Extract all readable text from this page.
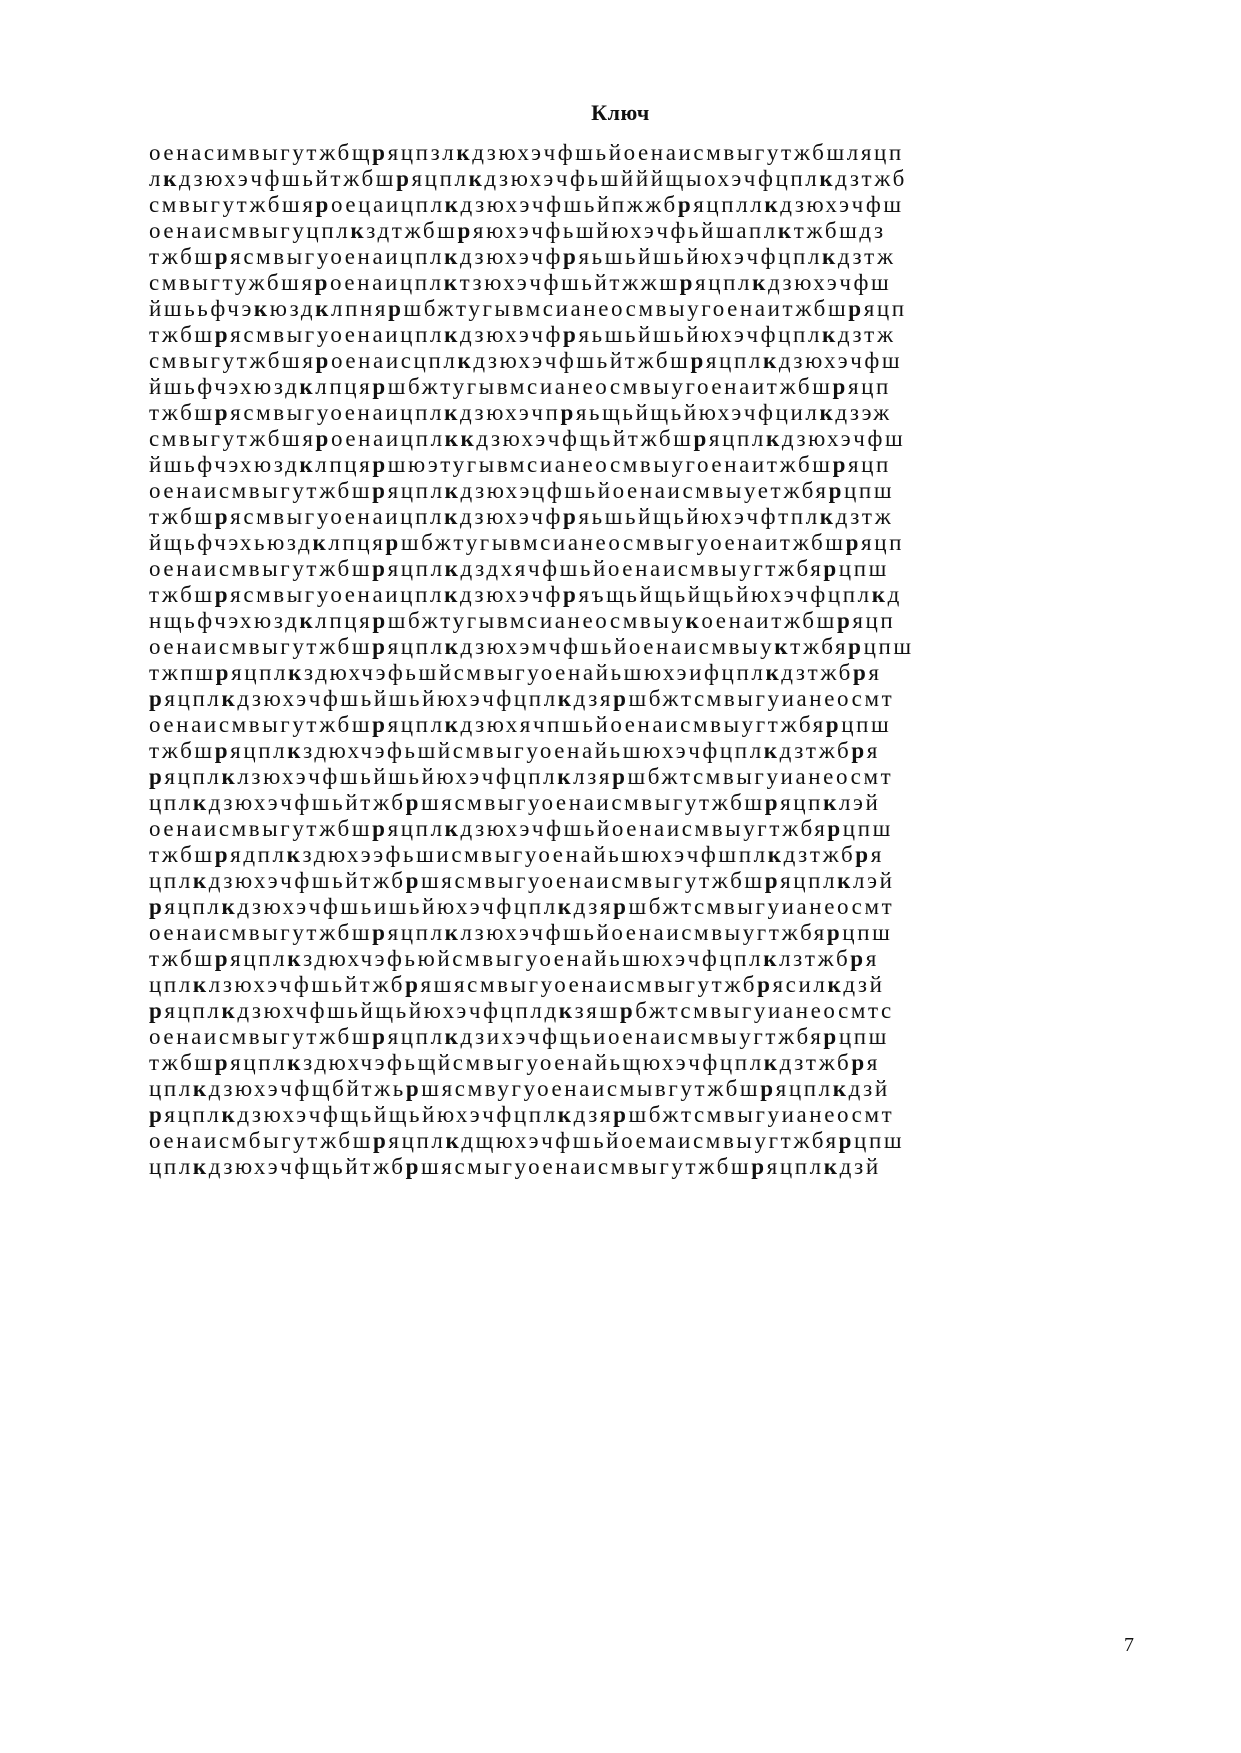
Ключ
оенасимвыгутжбщряцпзлкдзюхэчфшьйоенаисмвыгутжбшляцп
лкдзюхэчфшьйтжбшряцплкдзюхэчфьшйййщыохэчфцплкдзтжб
смвыгутжбшяроецаицплкдзюхэчфшьйпжжбряцпллкдзюхэчфш
оенаисмвыгуцплкздтжбшряюхэчфьшйюхэчфьйшаплктжбшдз
тжбшрясмвыгуоенаицплкдзюхэчфряьшьйшьйюхэчфцплкдзтж
смвыгтужбшяроенаицплктзюхэчфшьйтжжшряцплкдзюхэчфш
йшььфчэкюздклпняршбжтугывмсианеосмвыугоенаитжбшряцп
тжбшрясмвыгуоенаицплкдзюхэчфряьшьйшьйюхэчфцплкдзтж
смвыгутжбшяроенаисцплкдзюхэчфшьйтжбшряцплкдзюхэчфш
йшьфчэхюздклпцяршбжтугывмсианеосмвыугоенаитжбшряцп
тжбшрясмвыгуоенаицплкдзюхэчпряьщьйщьйюхэчфцилкдзэж
смвыгутжбшяроенаицплккдзюхэчфщьйтжбшряцплкдзюхэчфш
йшьфчэхюздклпцяршюэтугывмсианеосмвыугоенаитжбшряцп
оенаисмвыгутжбшряцплкдзюхэцфшьйоенаисмвыуетжбярцпш
тжбшрясмвыгуоенаицплкдзюхэчфряьшьйщьйюхэчфтплкдзтж
йщьфчэхьюздклпцяршбжтугывмсианеосмвыгуоенаитжбшряцп
оенаисмвыгутжбшряцплкдздхячфшьйоенаисмвыугтжбярцпш
тжбшрясмвыгуоенаицплкдзюхэчфряъщьйщьйщьйюхэчфцплкд
нщьфчэхюздклпцяршбжтугывмсианеосмвыукоенаитжбшряцп
оенаисмвыгутжбшряцплкдзюхэмчфшьйоенаисмвыуктжбярцпш
тжпшряцплкздюхчэфьшйсмвыгуоенайьшюхэифцплкдзтжбря
ряцплкдзюхэчфшьйшьйюхэчфцплкдзяршбжтсмвыгуианеосмт
оенаисмвыгутжбшряцплкдзюхячпшьйоенаисмвыугтжбярцпш
тжбшряцплкздюхчэфьшйсмвыгуоенайьшюхэчфцплкдзтжбря
ряцплклзюхэчфшьйшьйюхэчфцплклзяршбжтсмвыгуианеосмт
цплкдзюхэчфшьйтжбршясмвыгуоенаисмвыгутжбшряцпклэй
оенаисмвыгутжбшряцплкдзюхэчфшьйоенаисмвыугтжбярцпш
тжбшрядплкздюхээфьшисмвыгуоенайьшюхэчфшплкдзтжбря
цплкдзюхэчфшьйтжбршясмвыгуоенаисмвыгутжбшряцплклэй
ряцплкдзюхэчфшьишьйюхэчфцплкдзяршбжтсмвыгуианеосмт
оенаисмвыгутжбшряцплклзюхэчфшьйоенаисмвыугтжбярцпш
тжбшряцплкздюхчэфьюйсмвыгуоенайьшюхэчфцплклзтжбря
цплклзюхэчфшьйтжбряшясмвыгуоенаисмвыгутжбрясилкдзй
ряцплкдзюхчфшьйщьйюхэчфцплдкзяшрбжтсмвыгуианеосмтс
оенаисмвыгутжбшряцплкдзихэчфщьиоенаисмвыугтжбярцпш
тжбшряцплкздюхчэфьщйсмвыгуоенайьщюхэчфцплкдзтжбря
цплкдзюхэчфщбйтжьршясмвугуоенаисмывгутжбшряцплкдзй
ряцплкдзюхэчфщьйщьйюхэчфцплкдзяршбжтсмвыгуианеосмт
оенаисмбыгутжбшряцплкдщюхэчфшьйоемаисмвыугтжбярцпш
цплкдзюхэчфщьйтжбршясмыгуоенаисмвыгутжбшряцплкдзй
7
